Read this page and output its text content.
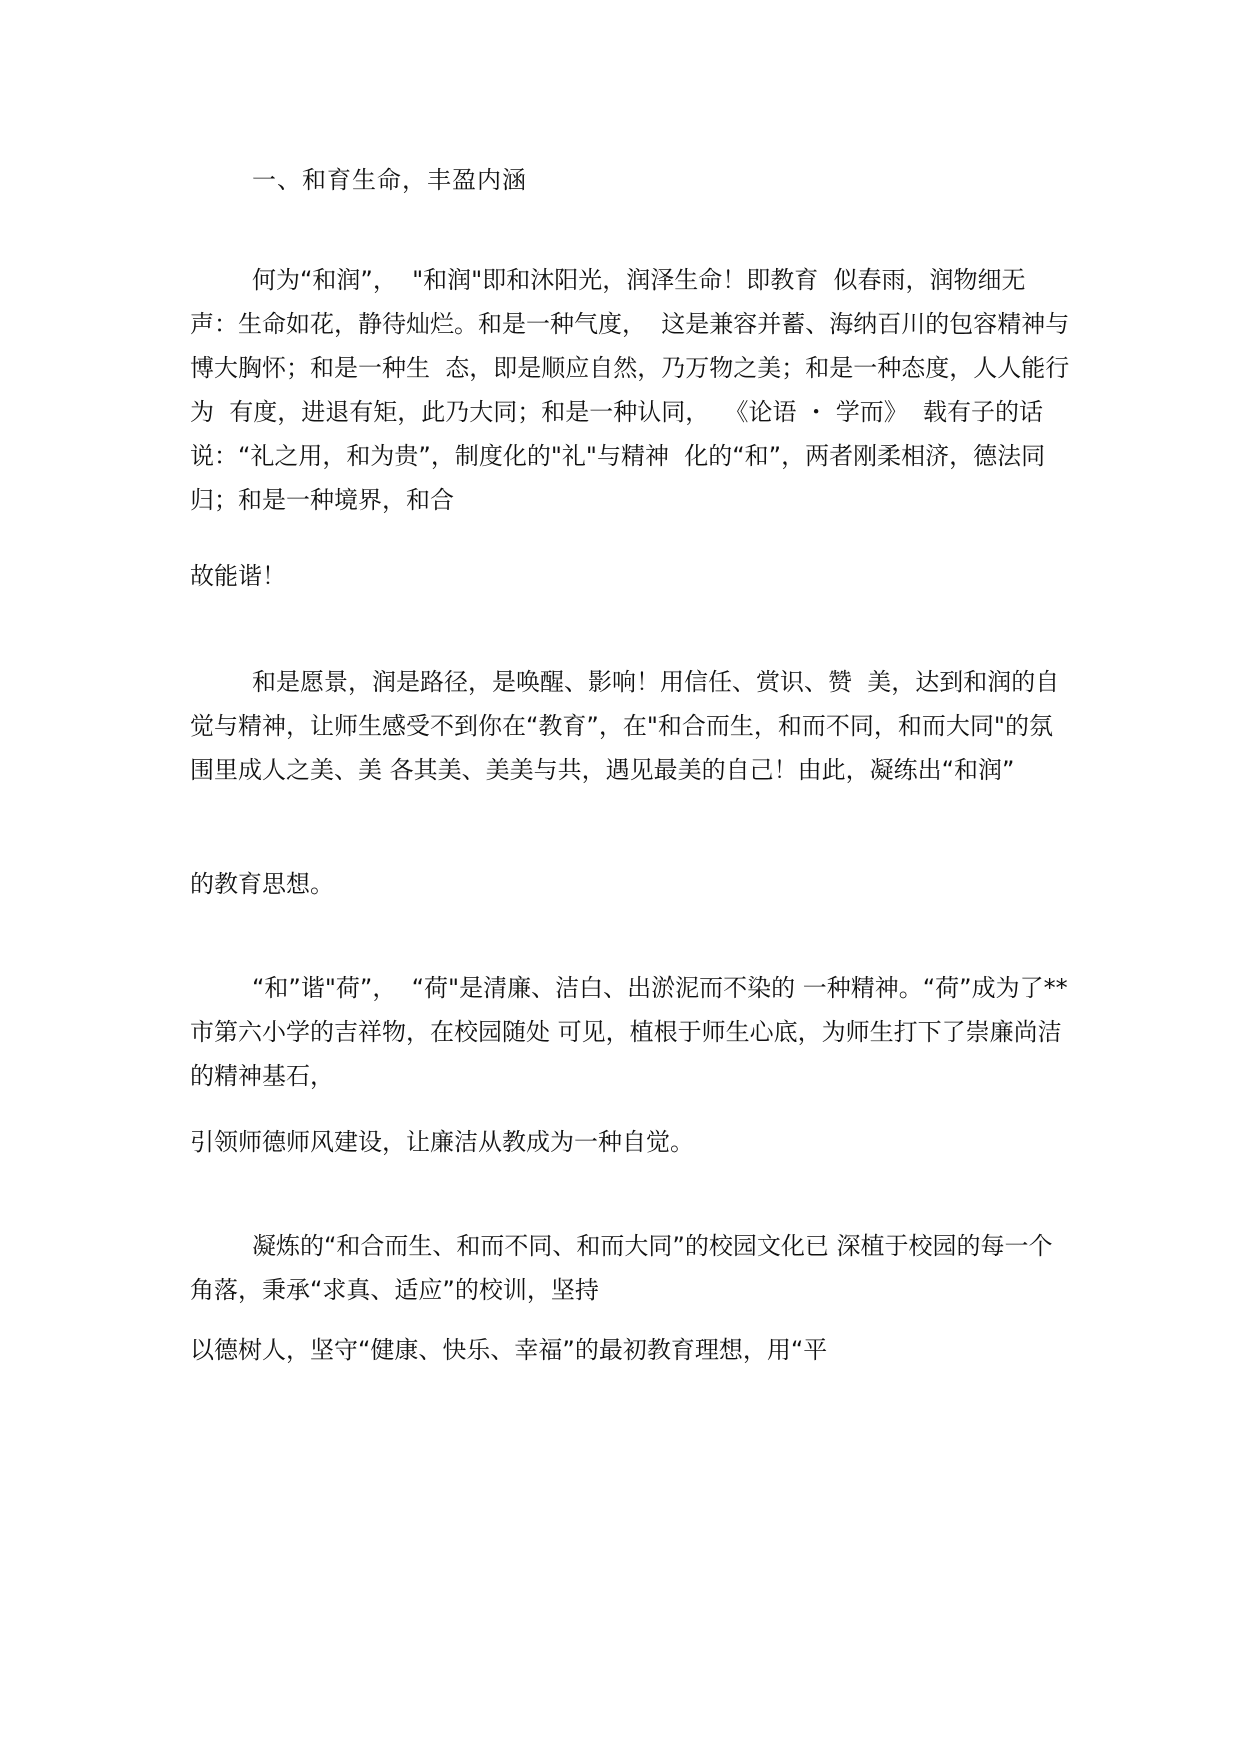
一、和育生命，丰盈内涵

何为“和润”，  "和润"即和沐阳光，润泽生命！即教育  似春雨，润物细无声：生命如花，静待灿烂。和是一种气度，  这是兼容并蓄、海纳百川的包容精神与博大胸怀；和是一种生  态，即是顺应自然，乃万物之美；和是一种态度，人人能行为  有度，进退有矩，此乃大同；和是一种认同，  《论语 ・ 学而》  载有子的话说：“礼之用，和为贵”，制度化的"礼"与精神  化的“和”，两者刚柔相济，德法同归；和是一种境界，和合

故能谐！

和是愿景，润是路径，是唤醒、影响！用信任、赏识、赞  美，达到和润的自觉与精神，让师生感受不到你在“教育”，在"和合而生，和而不同，和而大同"的氛围里成人之美、美 各其美、美美与共，遇见最美的自己！由此，凝练出“和润”

的教育思想。

“和”谐"荷”，  “荷"是清廉、洁白、出淤泥而不染的 一种精神。“荷”成为了**市第六小学的吉祥物，在校园随处 可见，植根于师生心底，为师生打下了崇廉尚洁的精神基石，

引领师德师风建设，让廉洁从教成为一种自觉。

凝炼的“和合而生、和而不同、和而大同”的校园文化已 深植于校园的每一个角落，秉承“求真、适应”的校训，坚持

以德树人，坚守“健康、快乐、幸福”的最初教育理想，用“平
